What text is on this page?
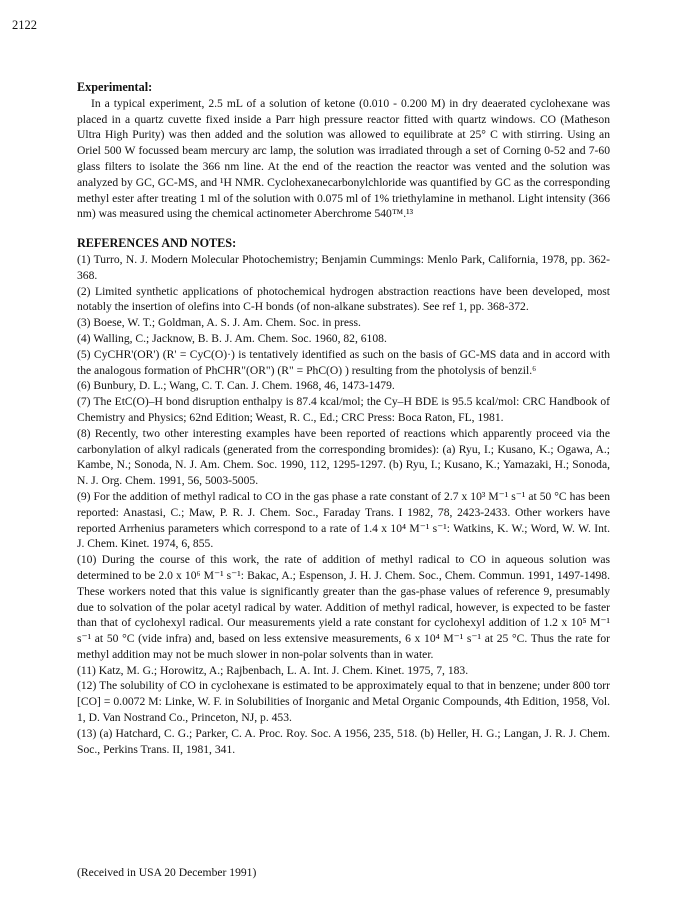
2122

Experimental:

In a typical experiment, 2.5 mL of a solution of ketone (0.010 - 0.200 M) in dry deaerated cyclohexane was placed in a quartz cuvette fixed inside a Parr high pressure reactor fitted with quartz windows. CO (Matheson Ultra High Purity) was then added and the solution was allowed to equilibrate at 25° C with stirring. Using an Oriel 500 W focussed beam mercury arc lamp, the solution was irradiated through a set of Corning 0-52 and 7-60 glass filters to isolate the 366 nm line. At the end of the reaction the reactor was vented and the solution was analyzed by GC, GC-MS, and ¹H NMR. Cyclohexanecarbonylchloride was quantified by GC as the corresponding methyl ester after treating 1 ml of the solution with 0.075 ml of 1% triethylamine in methanol. Light intensity (366 nm) was measured using the chemical actinometer Aberchrome 540™.¹³

REFERENCES AND NOTES:

(1) Turro, N. J. Modern Molecular Photochemistry; Benjamin Cummings: Menlo Park, California, 1978, pp. 362-368.

(2) Limited synthetic applications of photochemical hydrogen abstraction reactions have been developed, most notably the insertion of olefins into C-H bonds (of non-alkane substrates). See ref 1, pp. 368-372.

(3) Boese, W. T.; Goldman, A. S. J. Am. Chem. Soc. in press.

(4) Walling, C.; Jacknow, B. B. J. Am. Chem. Soc. 1960, 82, 6108.

(5) CyCHR'(OR') (R' = CyC(O)·) is tentatively identified as such on the basis of GC-MS data and in accord with the analogous formation of PhCHR"(OR") (R" = PhC(O) ) resulting from the photolysis of benzil.⁶

(6) Bunbury, D. L.; Wang, C. T. Can. J. Chem. 1968, 46, 1473-1479.

(7) The EtC(O)–H bond disruption enthalpy is 87.4 kcal/mol; the Cy–H BDE is 95.5 kcal/mol: CRC Handbook of Chemistry and Physics; 62nd Edition; Weast, R. C., Ed.; CRC Press: Boca Raton, FL, 1981.

(8) Recently, two other interesting examples have been reported of reactions which apparently proceed via the carbonylation of alkyl radicals (generated from the corresponding bromides): (a) Ryu, I.; Kusano, K.; Ogawa, A.; Kambe, N.; Sonoda, N. J. Am. Chem. Soc. 1990, 112, 1295-1297. (b) Ryu, I.; Kusano, K.; Yamazaki, H.; Sonoda, N. J. Org. Chem. 1991, 56, 5003-5005.

(9) For the addition of methyl radical to CO in the gas phase a rate constant of 2.7 x 10³ M⁻¹ s⁻¹ at 50 °C has been reported: Anastasi, C.; Maw, P. R. J. Chem. Soc., Faraday Trans. I 1982, 78, 2423-2433. Other workers have reported Arrhenius parameters which correspond to a rate of 1.4 x 10⁴ M⁻¹ s⁻¹: Watkins, K. W.; Word, W. W. Int. J. Chem. Kinet. 1974, 6, 855.

(10) During the course of this work, the rate of addition of methyl radical to CO in aqueous solution was determined to be 2.0 x 10⁶ M⁻¹ s⁻¹: Bakac, A.; Espenson, J. H. J. Chem. Soc., Chem. Commun. 1991, 1497-1498. These workers noted that this value is significantly greater than the gas-phase values of reference 9, presumably due to solvation of the polar acetyl radical by water. Addition of methyl radical, however, is expected to be faster than that of cyclohexyl radical. Our measurements yield a rate constant for cyclohexyl addition of 1.2 x 10⁵ M⁻¹ s⁻¹ at 50 °C (vide infra) and, based on less extensive measurements, 6 x 10⁴ M⁻¹ s⁻¹ at 25 °C. Thus the rate for methyl addition may not be much slower in non-polar solvents than in water.

(11) Katz, M. G.; Horowitz, A.; Rajbenbach, L. A. Int. J. Chem. Kinet. 1975, 7, 183.

(12) The solubility of CO in cyclohexane is estimated to be approximately equal to that in benzene; under 800 torr [CO] = 0.0072 M: Linke, W. F. in Solubilities of Inorganic and Metal Organic Compounds, 4th Edition, 1958, Vol. 1, D. Van Nostrand Co., Princeton, NJ, p. 453.

(13) (a) Hatchard, C. G.; Parker, C. A. Proc. Roy. Soc. A 1956, 235, 518. (b) Heller, H. G.; Langan, J. R. J. Chem. Soc., Perkins Trans. II, 1981, 341.

(Received in USA 20 December 1991)
